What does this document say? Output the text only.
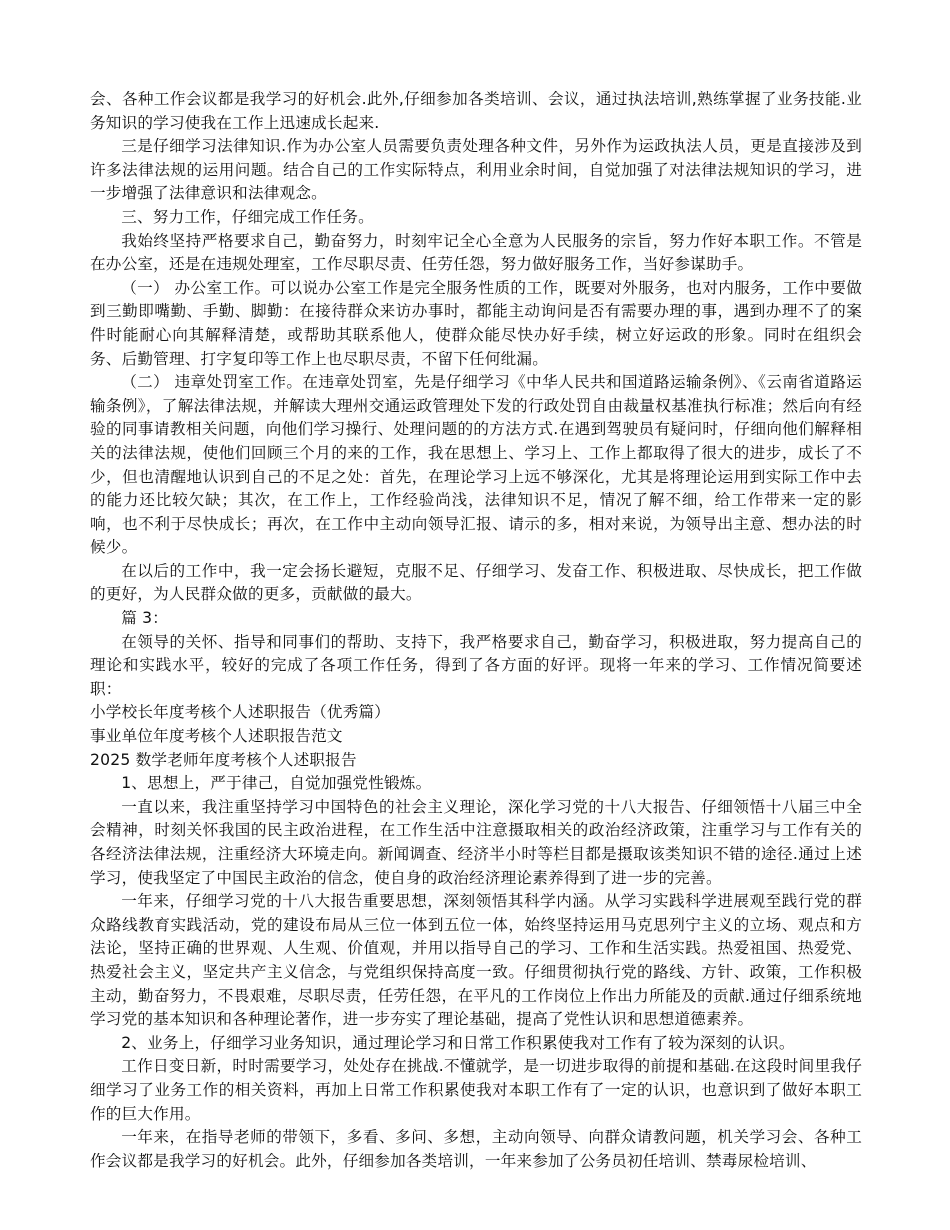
会、各种工作会议都是我学习的好机会.此外,仔细参加各类培训、会议，通过执法培训,熟练掌握了业务技能.业务知识的学习使我在工作上迅速成长起来.
三是仔细学习法律知识.作为办公室人员需要负责处理各种文件，另外作为运政执法人员，更是直接涉及到许多法律法规的运用问题。结合自己的工作实际特点，利用业余时间，自觉加强了对法律法规知识的学习，进一步增强了法律意识和法律观念。
三、努力工作，仔细完成工作任务。
我始终坚持严格要求自己，勤奋努力，时刻牢记全心全意为人民服务的宗旨，努力作好本职工作。不管是在办公室，还是在违规处理室，工作尽职尽责、任劳任怨，努力做好服务工作，当好参谋助手。
（一） 办公室工作。可以说办公室工作是完全服务性质的工作，既要对外服务，也对内服务，工作中要做到三勤即嘴勤、手勤、脚勤：在接待群众来访办事时，都能主动询问是否有需要办理的事，遇到办理不了的案件时能耐心向其解释清楚，或帮助其联系他人，使群众能尽快办好手续，树立好运政的形象。同时在组织会务、后勤管理、打字复印等工作上也尽职尽责，不留下任何纰漏。
（二） 违章处罚室工作。在违章处罚室，先是仔细学习《中华人民共和国道路运输条例》、《云南省道路运输条例》，了解法律法规，并解读大理州交通运政管理处下发的行政处罚自由裁量权基准执行标准；然后向有经验的同事请教相关问题，向他们学习操行、处理问题的的方法方式.在遇到驾驶员有疑问时，仔细向他们解释相关的法律法规，使他们回顾三个月的来的工作，我在思想上、学习上、工作上都取得了很大的进步，成长了不少，但也清醒地认识到自己的不足之处：首先，在理论学习上远不够深化，尤其是将理论运用到实际工作中去的能力还比较欠缺；其次，在工作上，工作经验尚浅，法律知识不足，情况了解不细，给工作带来一定的影响，也不利于尽快成长；再次，在工作中主动向领导汇报、请示的多，相对来说，为领导出主意、想办法的时候少。
在以后的工作中，我一定会扬长避短，克服不足、仔细学习、发奋工作、积极进取、尽快成长，把工作做的更好，为人民群众做的更多，贡献做的最大。
篇 3：
在领导的关怀、指导和同事们的帮助、支持下，我严格要求自己，勤奋学习，积极进取，努力提高自己的理论和实践水平，较好的完成了各项工作任务，得到了各方面的好评。现将一年来的学习、工作情况简要述职：
小学校长年度考核个人述职报告（优秀篇）
事业单位年度考核个人述职报告范文
2025 数学老师年度考核个人述职报告
1、思想上，严于律己，自觉加强党性锻炼。
一直以来，我注重坚持学习中国特色的社会主义理论，深化学习党的十八大报告、仔细领悟十八届三中全会精神，时刻关怀我国的民主政治进程，在工作生活中注意摄取相关的政治经济政策，注重学习与工作有关的各经济法律法规，注重经济大环境走向。新闻调查、经济半小时等栏目都是摄取该类知识不错的途径.通过上述学习，使我坚定了中国民主政治的信念，使自身的政治经济理论素养得到了进一步的完善。
一年来，仔细学习党的十八大报告重要思想，深刻领悟其科学内涵。从学习实践科学进展观至践行党的群众路线教育实践活动，党的建设布局从三位一体到五位一体，始终坚持运用马克思列宁主义的立场、观点和方法论，坚持正确的世界观、人生观、价值观，并用以指导自己的学习、工作和生活实践。热爱祖国、热爱党、热爱社会主义，坚定共产主义信念，与党组织保持高度一致。仔细贯彻执行党的路线、方针、政策，工作积极主动，勤奋努力，不畏艰难，尽职尽责，任劳任怨，在平凡的工作岗位上作出力所能及的贡献.通过仔细系统地学习党的基本知识和各种理论著作，进一步夯实了理论基础，提高了党性认识和思想道德素养。
2、业务上，仔细学习业务知识，通过理论学习和日常工作积累使我对工作有了较为深刻的认识。
工作日变日新，时时需要学习，处处存在挑战.不懂就学，是一切进步取得的前提和基础.在这段时间里我仔细学习了业务工作的相关资料，再加上日常工作积累使我对本职工作有了一定的认识，也意识到了做好本职工作的巨大作用。
一年来，在指导老师的带领下，多看、多问、多想，主动向领导、向群众请教问题，机关学习会、各种工作会议都是我学习的好机会。此外，仔细参加各类培训，一年来参加了公务员初任培训、禁毒尿检培训、
